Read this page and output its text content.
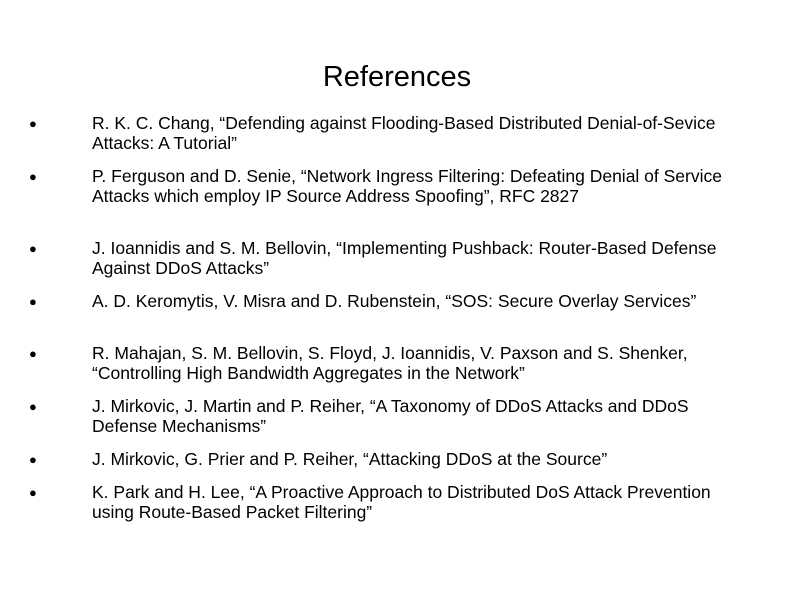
References
●	R. K. C. Chang, “Defending against Flooding-Based Distributed Denial-of-Sevice Attacks: A Tutorial”
●	P. Ferguson and D. Senie, “Network Ingress Filtering: Defeating Denial of Service Attacks which employ IP Source Address Spoofing”, RFC 2827
●	J. Ioannidis and S. M. Bellovin, “Implementing Pushback: Router-Based Defense Against DDoS Attacks”
●	A. D. Keromytis, V. Misra and D. Rubenstein, “SOS: Secure Overlay Services”
●	R. Mahajan, S. M. Bellovin, S. Floyd, J. Ioannidis, V. Paxson and S. Shenker, “Controlling High Bandwidth Aggregates in the Network”
●	J. Mirkovic, J. Martin and P. Reiher, “A Taxonomy of DDoS Attacks and DDoS Defense Mechanisms”
●	J. Mirkovic, G. Prier and P. Reiher, “Attacking DDoS at the Source”
●	K. Park and H. Lee, “A Proactive Approach to Distributed DoS Attack Prevention using Route-Based Packet Filtering”
